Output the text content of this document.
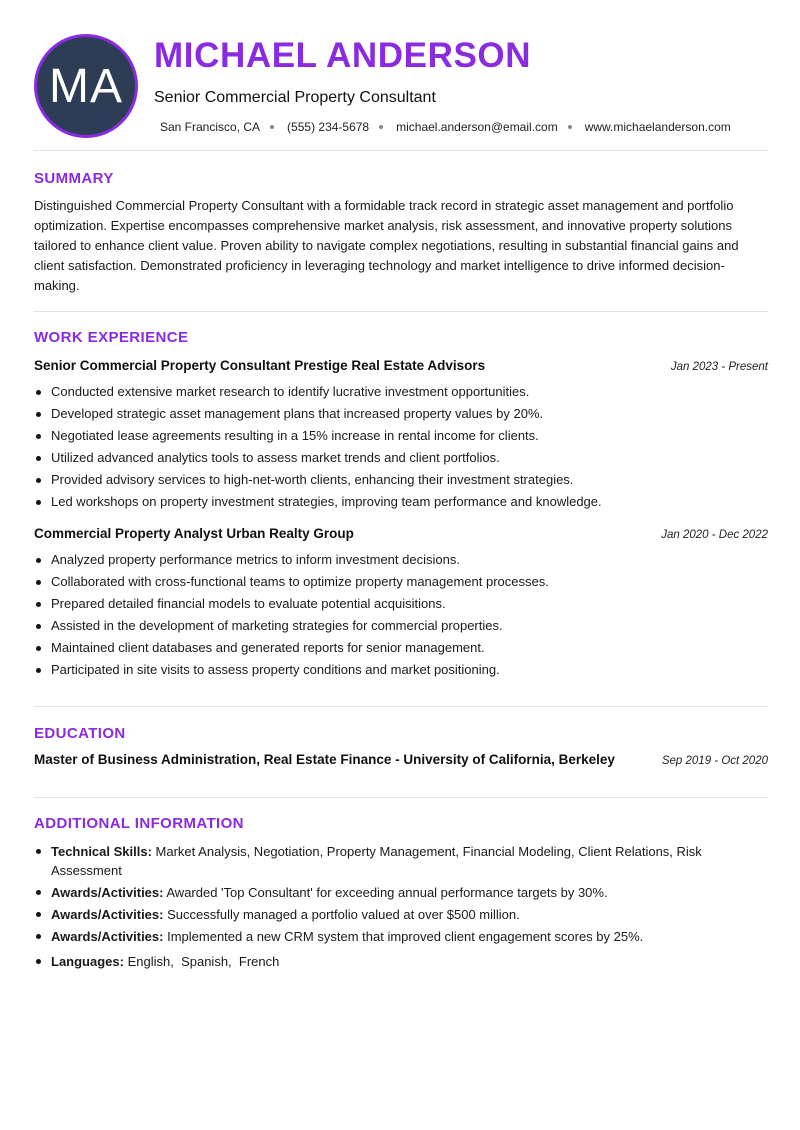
MA
MICHAEL ANDERSON
Senior Commercial Property Consultant
San Francisco, CA (555) 234-5678 michael.anderson@email.com www.michaelanderson.com
SUMMARY

Distinguished Commercial Property Consultant with a formidable track record in strategic asset management and portfolio optimization. Expertise encompasses comprehensive market analysis, risk assessment, and innovative property solutions tailored to enhance client value. Proven ability to navigate complex negotiations, resulting in substantial financial gains and client satisfaction. Demonstrated proficiency in leveraging technology and market intelligence to drive informed decision-making.

WORK EXPERIENCE
Senior Commercial Property Consultant Prestige Real Estate Advisors	Jan 2023 - Present
Conducted extensive market research to identify lucrative investment opportunities.
Developed strategic asset management plans that increased property values by 20%.
Negotiated lease agreements resulting in a 15% increase in rental income for clients.
Utilized advanced analytics tools to assess market trends and client portfolios.
Provided advisory services to high-net-worth clients, enhancing their investment strategies.
Led workshops on property investment strategies, improving team performance and knowledge.
Commercial Property Analyst Urban Realty Group	Jan 2020 - Dec 2022
Analyzed property performance metrics to inform investment decisions.
Collaborated with cross-functional teams to optimize property management processes.
Prepared detailed financial models to evaluate potential acquisitions.
Assisted in the development of marketing strategies for commercial properties.
Maintained client databases and generated reports for senior management.
Participated in site visits to assess property conditions and market positioning.
EDUCATION
Master of Business Administration, Real Estate Finance - University of California, Berkeley	Sep 2019 - Oct 2020
ADDITIONAL INFORMATION
Technical Skills: Market Analysis, Negotiation, Property Management, Financial Modeling, Client Relations, Risk Assessment
Awards/Activities: Awarded 'Top Consultant' for exceeding annual performance targets by 30%.
Awards/Activities: Successfully managed a portfolio valued at over $500 million.
Awards/Activities: Implemented a new CRM system that improved client engagement scores by 25%.
Languages: English,  Spanish,  French
